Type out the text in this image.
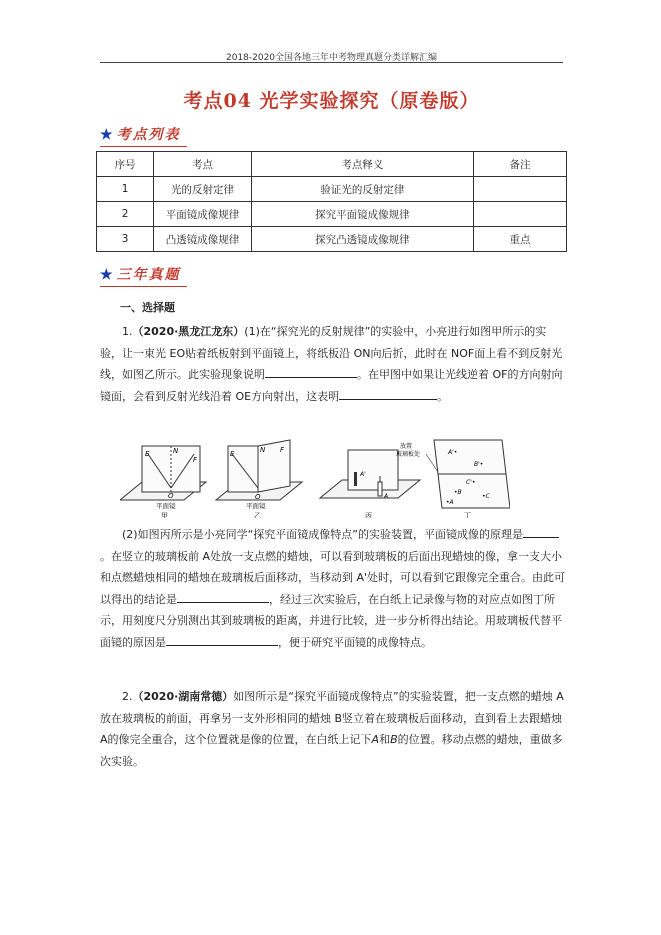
2018-2020全国各地三年中考物理真题分类详解汇编
考点04 光学实验探究（原卷版）
★ 考点列表
序号	考点	考点释义	备注
1	光的反射定律	验证光的反射定律	
2	平面镜成像规律	探究平面镜成像规律	
3	凸透镜成像规律	探究凸透镜成像规律	重点
★ 三年真题
一、选择题

1.（2020·黑龙江龙东）(1)在“探究光的反射规律”的实验中，小亮进行如图甲所示的实验，让一束光 EO贴着纸板射到平面镜上，将纸板沿 ON向后折，此时在 NOF面上看不到反射光线，如图乙所示。此实验现象说明	。在甲图中如果让光线逆着 OF的方向射向镜面，会看到反射光线沿着 OE方向射出，这表明	。

E	N
F
O
平面镜
甲
E	N F
O
平面镜
乙
A'
A
丙
放置
玻璃板处	A'•
B'•
C'•
•B
•A
•C
丁

(2)如图丙所示是小亮同学“探究平面镜成像特点”的实验装置，平面镜成像的原理是。在竖立的玻璃板前 A处放一支点燃的蜡烛，可以看到玻璃板的后面出现蜡烛的像，拿一支大小和点燃蜡烛相同的蜡烛在玻璃板后面移动，当移动到 A'处时，可以看到它跟像完全重合。由此可以得出的结论是	，经过三次实验后，在白纸上记录像与物的对应点如图丁所示，用刻度尺分别测出其到玻璃板的距离，并进行比较，进一步分析得出结论。用玻璃板代替平面镜的原因是	，便于研究平面镜的成像特点。

2.（2020·湖南常德）如图所示是“探究平面镜成像特点”的实验装置，把一支点燃的蜡烛 A放在玻璃板的前面，再拿另一支外形相同的蜡烛 B竖立着在玻璃板后面移动，直到看上去跟蜡烛 A的像完全重合，这个位置就是像的位置，在白纸上记下A和B的位置。移动点燃的蜡烛，重做多次实验。
